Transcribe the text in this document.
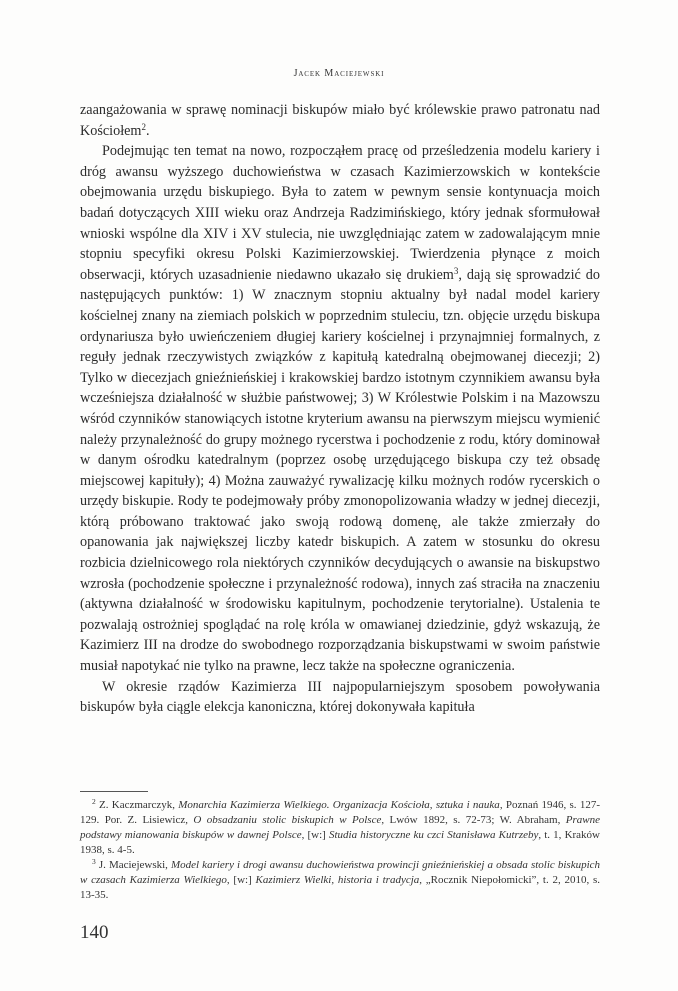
Jacek Maciejewski

zaangażowania w sprawę nominacji biskupów miało być królewskie prawo patronatu nad Kościołem$^2$.

Podejmując ten temat na nowo, rozpocząłem pracę od prześledzenia modelu kariery i dróg awansu wyższego duchowieństwa w czasach Kazimierzowskich w kontekście obejmowania urzędu biskupiego. Była to zatem w pewnym sensie kontynuacja moich badań dotyczących XIII wieku oraz Andrzeja Radzimińskiego, który jednak sformułował wnioski wspólne dla XIV i XV stulecia, nie uwzględniając zatem w zadowalającym mnie stopniu specyfiki okresu Polski Kazimierzowskiej. Twierdzenia płynące z moich obserwacji, których uzasadnienie niedawno ukazało się drukiem$^3$, dają się sprowadzić do następujących punktów: 1) W znacznym stopniu aktualny był nadal model kariery kościelnej znany na ziemiach polskich w poprzednim stuleciu, tzn. objęcie urzędu biskupa ordynariusza było uwieńczeniem długiej kariery kościelnej i przynajmniej formalnych, z reguły jednak rzeczywistych związków z kapitułą katedralną obejmowanej diecezji; 2) Tylko w diecezjach gnieźnieńskiej i krakowskiej bardzo istotnym czynnikiem awansu była wcześniejsza działalność w służbie państwowej; 3) W Królestwie Polskim i na Mazowszu wśród czynników stanowiących istotne kryterium awansu na pierwszym miejscu wymienić należy przynależność do grupy możnego rycerstwa i pochodzenie z rodu, który dominował w danym ośrodku katedralnym (poprzez osobę urzędującego biskupa czy też obsadę miejscowej kapituły); 4) Można zauważyć rywalizację kilku możnych rodów rycerskich o urzędy biskupie. Rody te podejmowały próby zmonopolizowania władzy w jednej diecezji, którą próbowano traktować jako swoją rodową domenę, ale także zmierzały do opanowania jak największej liczby katedr biskupich. A zatem w stosunku do okresu rozbicia dzielnicowego rola niektórych czynników decydujących o awansie na biskupstwo wzrosła (pochodzenie społeczne i przynależność rodowa), innych zaś straciła na znaczeniu (aktywna działalność w środowisku kapitulnym, pochodzenie terytorialne). Ustalenia te pozwalają ostrożniej spoglądać na rolę króla w omawianej dziedzinie, gdyż wskazują, że Kazimierz III na drodze do swobodnego rozporządzania biskupstwami w swoim państwie musiał napotykać nie tylko na prawne, lecz także na społeczne ograniczenia.

W okresie rządów Kazimierza III najpopularniejszym sposobem powoływania biskupów była ciągle elekcja kanoniczna, której dokonywała kapituła

$^2$ Z. Kaczmarczyk, Monarchia Kazimierza Wielkiego. Organizacja Kościoła, sztuka i nauka, Poznań 1946, s. 127-129. Por. Z. Lisiewicz, O obsadzaniu stolic biskupich w Polsce, Lwów 1892, s. 72-73; W. Abraham, Prawne podstawy mianowania biskupów w dawnej Polsce, [w:] Studia historyczne ku czci Stanisława Kutrzeby, t. 1, Kraków 1938, s. 4-5.

$^3$ J. Maciejewski, Model kariery i drogi awansu duchowieństwa prowincji gnieźnieńskiej a obsada stolic biskupich w czasach Kazimierza Wielkiego, [w:] Kazimierz Wielki, historia i tradycja, „Rocznik Niepołomicki”, t. 2, 2010, s. 13-35.

140
